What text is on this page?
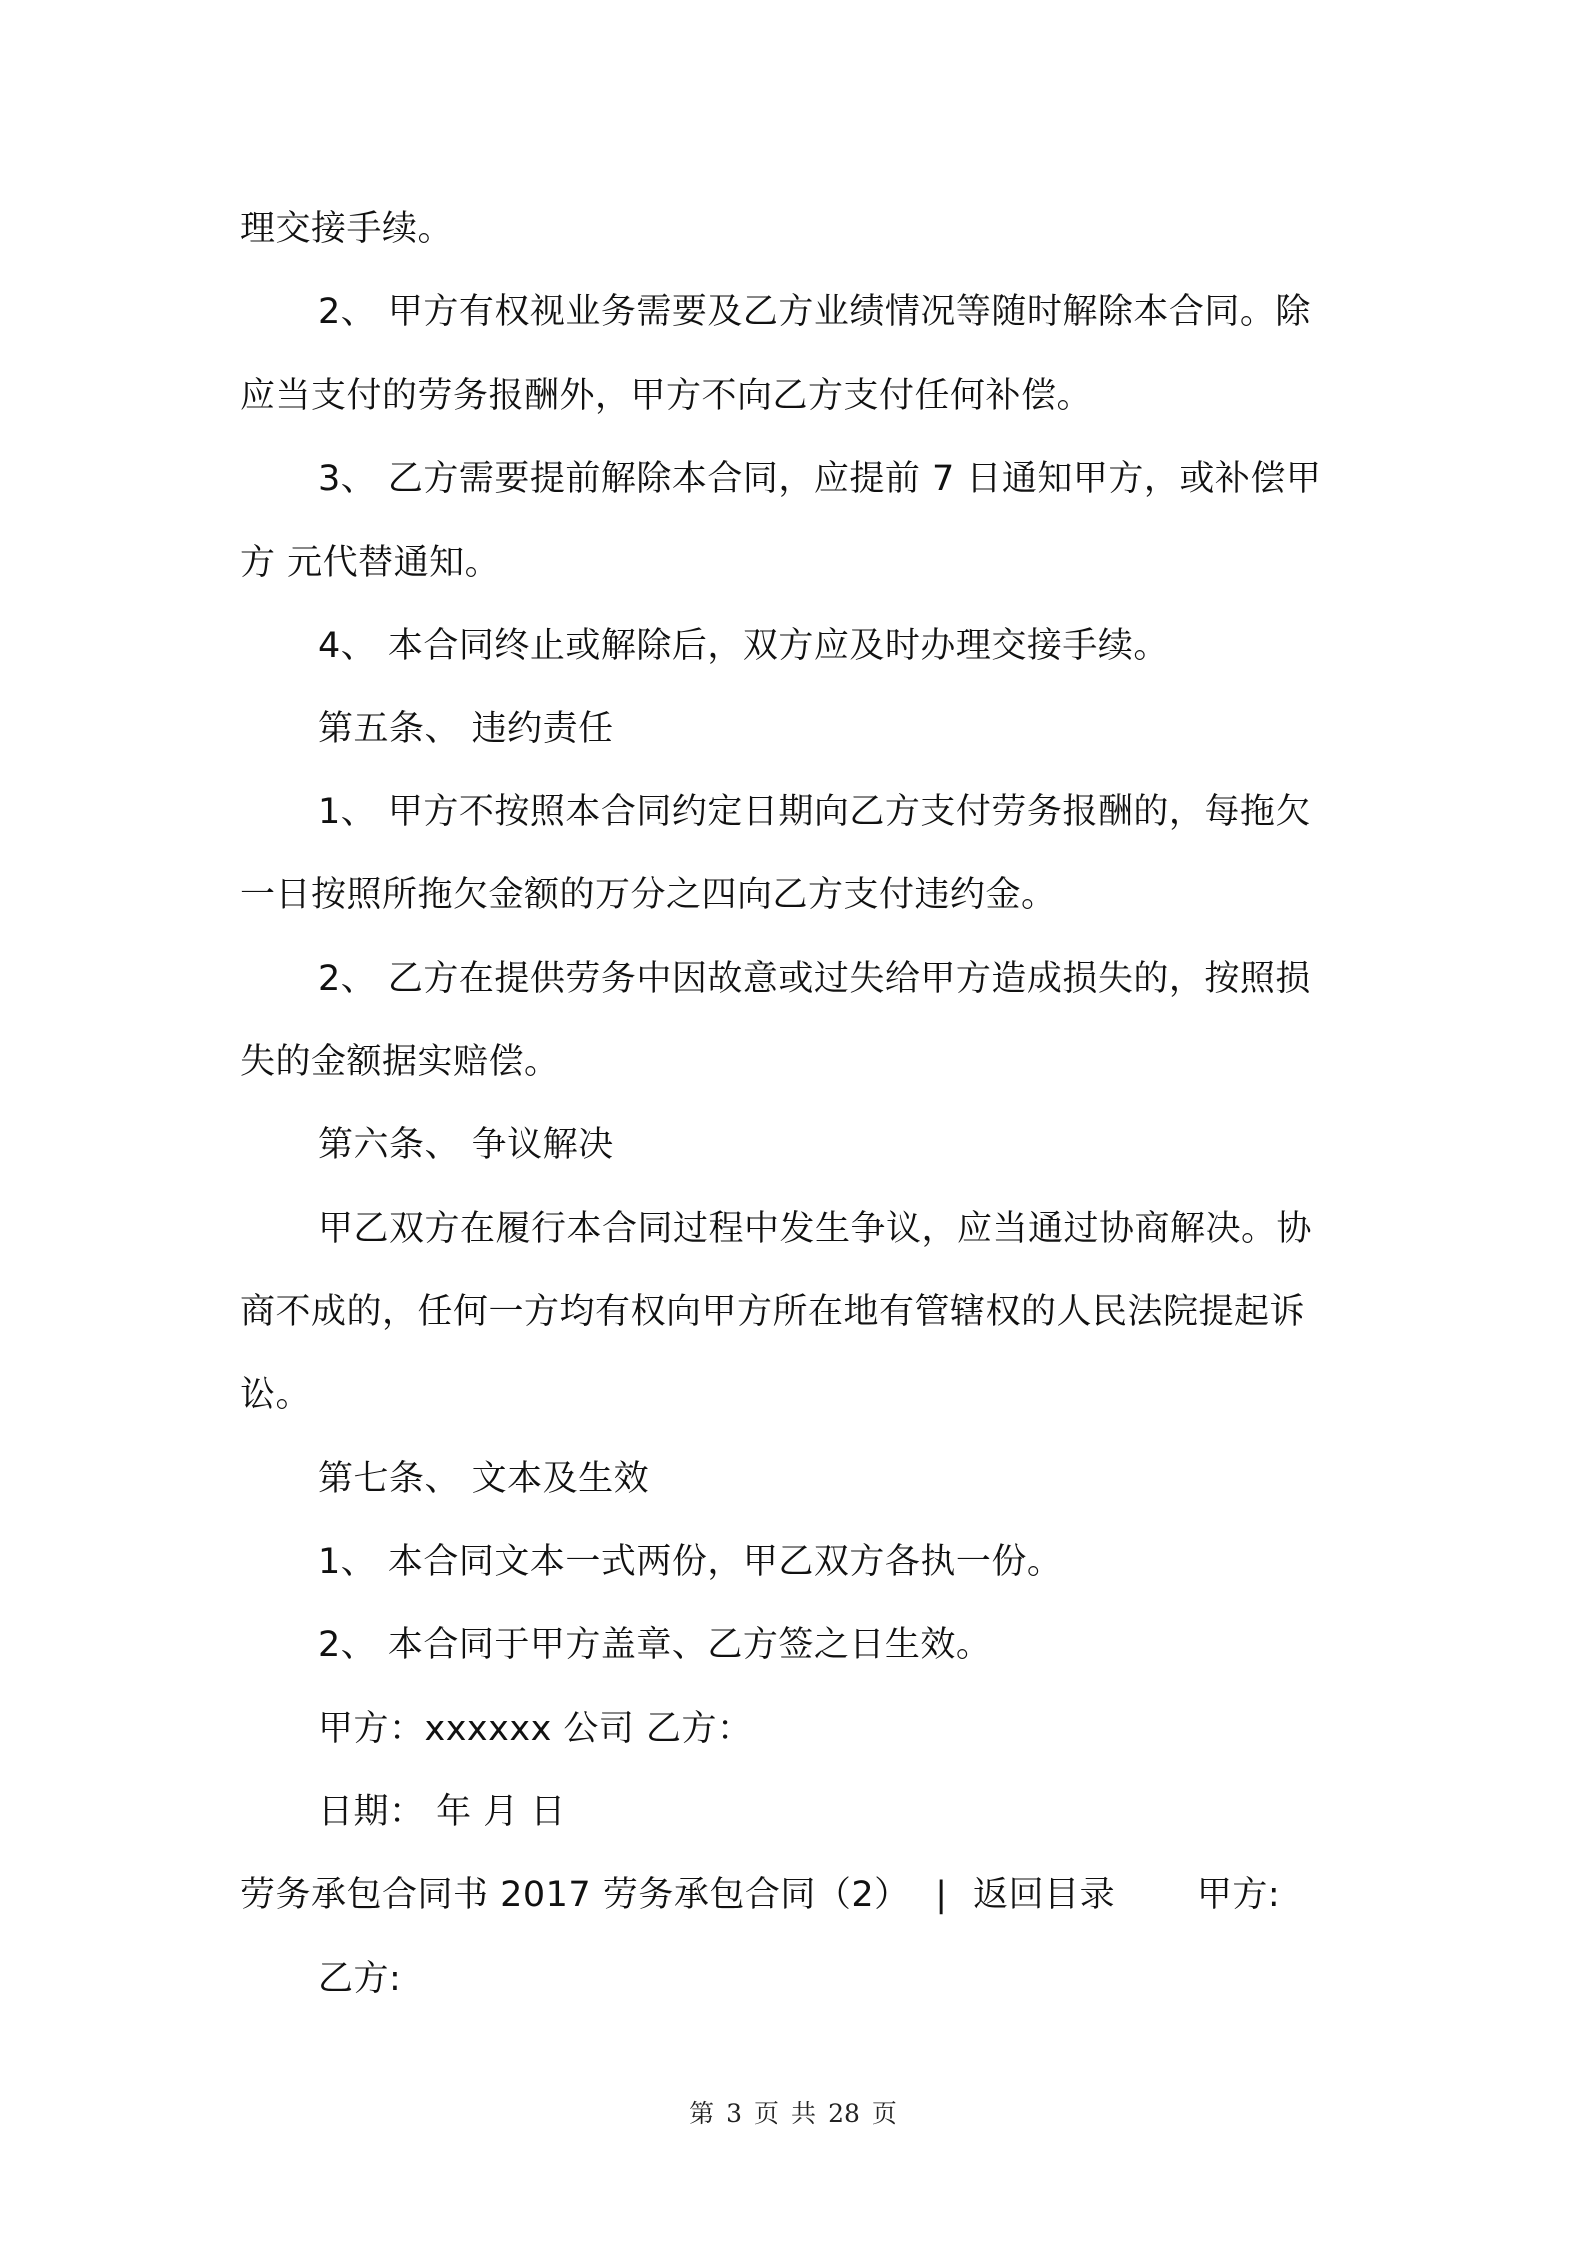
理交接手续。
2、 甲方有权视业务需要及乙方业绩情况等随时解除本合同。除
应当支付的劳务报酬外，甲方不向乙方支付任何补偿。
3、 乙方需要提前解除本合同，应提前 7 日通知甲方，或补偿甲
方 元代替通知。
4、 本合同终止或解除后，双方应及时办理交接手续。
第五条、 违约责任
1、 甲方不按照本合同约定日期向乙方支付劳务报酬的，每拖欠
一日按照所拖欠金额的万分之四向乙方支付违约金。
2、 乙方在提供劳务中因故意或过失给甲方造成损失的，按照损
失的金额据实赔偿。
第六条、 争议解决
甲乙双方在履行本合同过程中发生争议，应当通过协商解决。协
商不成的，任何一方均有权向甲方所在地有管辖权的人民法院提起诉
讼。
第七条、 文本及生效
1、 本合同文本一式两份，甲乙双方各执一份。
2、 本合同于甲方盖章、乙方签之日生效。
甲方：xxxxxx 公司 乙方：
日期： 年 月 日
劳务承包合同书 2017 劳务承包合同（2） | 返回目录 甲方:
乙方:
第 3 页 共 28 页
